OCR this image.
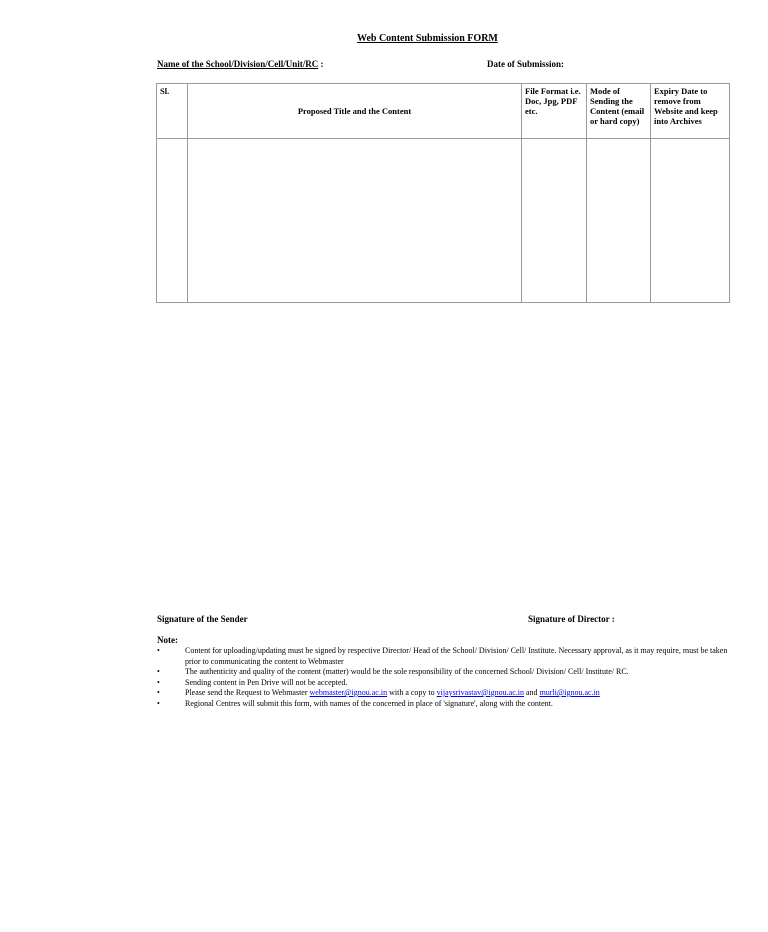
Web Content Submission FORM
Name of the School/Division/Cell/Unit/RC :	Date of Submission:
Sl.	Proposed Title and the Content	File Format i.e. Doc, Jpg, PDF etc.	Mode of Sending the Content (email or hard copy)	Expiry Date to remove from Website and keep into Archives

Signature of the Sender	Signature of Director :
Note:
•	Content for uploading/updating must be signed by respective Director/ Head of the School/ Division/ Cell/ Institute. Necessary approval, as it may require, must be taken prior to communicating the content to Webmaster
•	The authenticity and quality of the content (matter) would be the sole responsibility of the concerned School/ Division/ Cell/ Institute/ RC.
•	Sending content in Pen Drive will not be accepted.
•	Please send the Request to Webmaster webmaster@ignou.ac.in with a copy to vijaysrivastav@ignou.ac.in and murli@ignou.ac.in
•	Regional Centres will submit this form, with names of the concerned in place of 'signature', along with the content.
